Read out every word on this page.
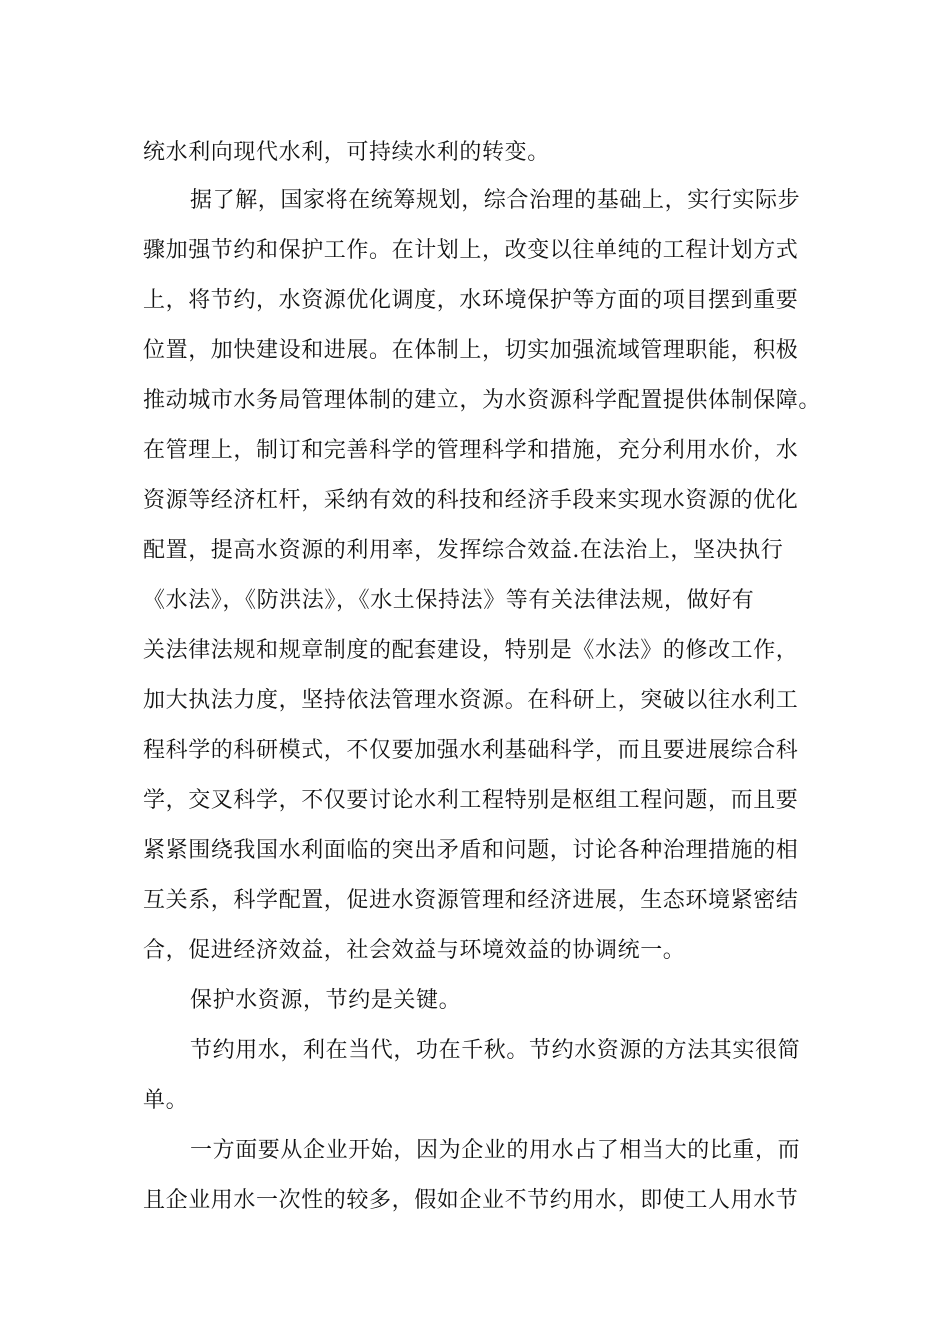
统水利向现代水利，可持续水利的转变。
据了解，国家将在统筹规划，综合治理的基础上，实行实际步
骤加强节约和保护工作。在计划上，改变以往单纯的工程计划方式
上，将节约，水资源优化调度，水环境保护等方面的项目摆到重要
位置，加快建设和进展。在体制上，切实加强流域管理职能，积极
推动城市水务局管理体制的建立，为水资源科学配置提供体制保障。
在管理上，制订和完善科学的管理科学和措施，充分利用水价，水
资源等经济杠杆，采纳有效的科技和经济手段来实现水资源的优化
配置，提高水资源的利用率，发挥综合效益.在法治上，坚决执行
《水法》，《防洪法》，《水土保持法》等有关法律法规，做好有
关法律法规和规章制度的配套建设，特别是《水法》的修改工作，
加大执法力度，坚持依法管理水资源。在科研上，突破以往水利工
程科学的科研模式，不仅要加强水利基础科学，而且要进展综合科
学，交叉科学，不仅要讨论水利工程特别是枢组工程问题，而且要
紧紧围绕我国水利面临的突出矛盾和问题，讨论各种治理措施的相
互关系，科学配置，促进水资源管理和经济进展，生态环境紧密结
合，促进经济效益，社会效益与环境效益的协调统一。
保护水资源，节约是关键。
节约用水，利在当代，功在千秋。节约水资源的方法其实很简
单。
一方面要从企业开始，因为企业的用水占了相当大的比重，而
且企业用水一次性的较多，假如企业不节约用水，即使工人用水节
